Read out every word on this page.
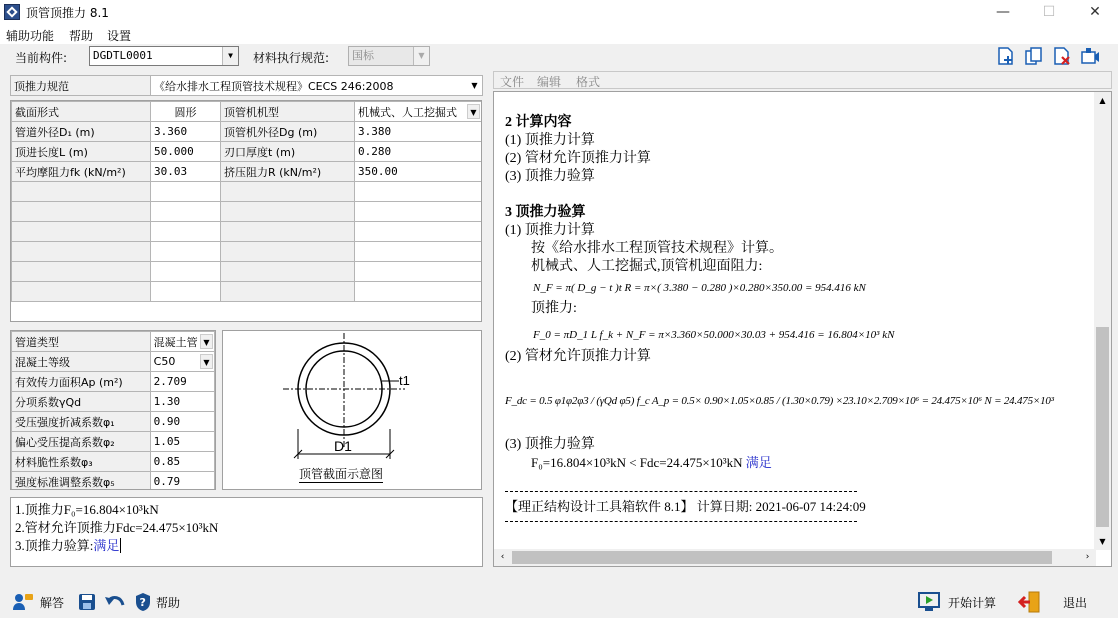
顶管顶推力 8.1	—	☐	✕
辅助功能 帮助 设置
当前构件:	DGDTL0001	▼	材料执行规范:	国标	▼
顶推力规范	《给水排水工程顶管技术规程》CECS 246:2008	▼
截面形式	圆形	顶管机机型	机械式、人工挖掘式 ▼

管道外径D₁ (m)	3.360	顶管机外径Dg (m)	3.380
顶进长度L (m)	50.000	刃口厚度t (m)	0.280
平均摩阻力fk (kN/m²)	30.03	挤压阻力R (kN/m²)	350.00

管道类型	混凝土管 ▼

混凝土等级	C50 ▼

有效传力面积Ap (m²)	2.709
分项系数γQd	1.30
受压强度折减系数φ₁	0.90
偏心受压提高系数φ₂	1.05
材料脆性系数φ₃	0.85
强度标准调整系数φ₅	0.79
D1
t1
顶管截面示意图
1.顶推力F₀=16.804×10³kN
2.管材允许顶推力Fdc=24.475×10³kN
3.顶推力验算:满足
文件 编辑 格式
2 计算内容
(1) 顶推力计算
(2) 管材允许顶推力计算
(3) 顶推力验算
3 顶推力验算
(1) 顶推力计算
按《给水排水工程顶管技术规程》计算。
机械式、人工挖掘式,顶管机迎面阻力:
N_F = π( D_g − t )t R = π×( 3.380 − 0.280 )×0.280×350.00 = 954.416 kN
顶推力:
F_0 = πD_1 L f_k + N_F = π×3.360×50.000×30.03 + 954.416 = 16.804×10³ kN
(2) 管材允许顶推力计算
F_dc = 0.5 φ1φ2φ3 / (γQd φ5) f_c A_p = 0.5× 0.90×1.05×0.85 / (1.30×0.79) ×23.10×2.709×10⁶ = 24.475×10⁶ N = 24.475×10³
(3) 顶推力验算
F₀=16.804×10³kN < Fdc=24.475×10³kN 满足
【理正结构设计工具箱软件 8.1】 计算日期: 2021-06-07 14:24:09
▲
▼
‹	›
解答	? 帮助	开始计算	退出
